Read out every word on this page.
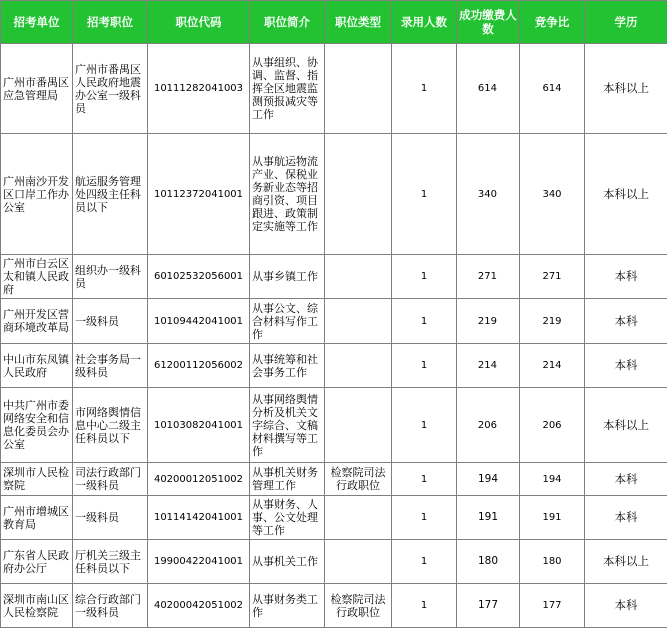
招考单位	招考职位	职位代码	职位简介	职位类型	录用人数	成功缴费人数	竞争比	学历
广州市番禺区应急管理局	广州市番禺区人民政府地震办公室一级科员	10111282041003	从事组织、协调、监督、指挥全区地震监测预报减灾等工作		1	614	614	本科以上
广州南沙开发区口岸工作办公室	航运服务管理处四级主任科员以下	10112372041001	从事航运物流产业、保税业务新业态等招商引资、项目跟进、政策制定实施等工作		1	340	340	本科以上
广州市白云区太和镇人民政府	组织办一级科员	60102532056001	从事乡镇工作		1	271	271	本科
广州开发区营商环境改革局	一级科员	10109442041001	从事公文、综合材料写作工作		1	219	219	本科
中山市东凤镇人民政府	社会事务局一级科员	61200112056002	从事统筹和社会事务工作		1	214	214	本科
中共广州市委网络安全和信息化委员会办公室	市网络舆情信息中心二级主任科员以下	10103082041001	从事网络舆情分析及机关文字综合、文稿材料撰写等工作		1	206	206	本科以上
深圳市人民检察院	司法行政部门一级科员	40200012051002	从事机关财务管理工作	检察院司法行政职位	1	194	194	本科
广州市增城区教育局	一级科员	10114142041001	从事财务、人事、公文处理等工作		1	191	191	本科
广东省人民政府办公厅	厅机关三级主任科员以下	19900422041001	从事机关工作		1	180	180	本科以上
深圳市南山区人民检察院	综合行政部门一级科员	40200042051002	从事财务类工作	检察院司法行政职位	1	177	177	本科
